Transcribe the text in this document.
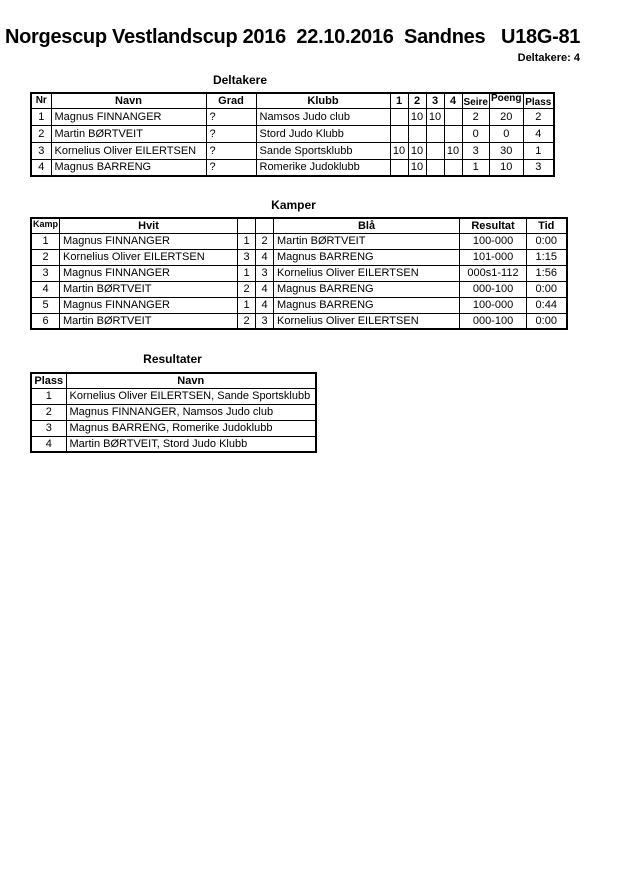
Norgescup Vestlandscup 2016  22.10.2016  Sandnes   U18G-81
Deltakere: 4
Deltakere
Nr	Navn	Grad	Klubb	1	2	3	4	Seire	Poeng	Plass
1	Magnus FINNANGER	?	Namsos Judo club		10	10		2	20	2
2	Martin BØRTVEIT	?	Stord Judo Klubb					0	0	4
3	Kornelius Oliver EILERTSEN	?	Sande Sportsklubb	10	10		10	3	30	1
4	Magnus BARRENG	?	Romerike Judoklubb		10			1	10	3
Kamper
Kamp	Hvit			Blå	Resultat	Tid
1	Magnus FINNANGER	1	2	Martin BØRTVEIT	100-000	0:00
2	Kornelius Oliver EILERTSEN	3	4	Magnus BARRENG	101-000	1:15
3	Magnus FINNANGER	1	3	Kornelius Oliver EILERTSEN	000s1-112	1:56
4	Martin BØRTVEIT	2	4	Magnus BARRENG	000-100	0:00
5	Magnus FINNANGER	1	4	Magnus BARRENG	100-000	0:44
6	Martin BØRTVEIT	2	3	Kornelius Oliver EILERTSEN	000-100	0:00
Resultater
Plass	Navn
1	Kornelius Oliver EILERTSEN, Sande Sportsklubb
2	Magnus FINNANGER, Namsos Judo club
3	Magnus BARRENG, Romerike Judoklubb
4	Martin BØRTVEIT, Stord Judo Klubb
